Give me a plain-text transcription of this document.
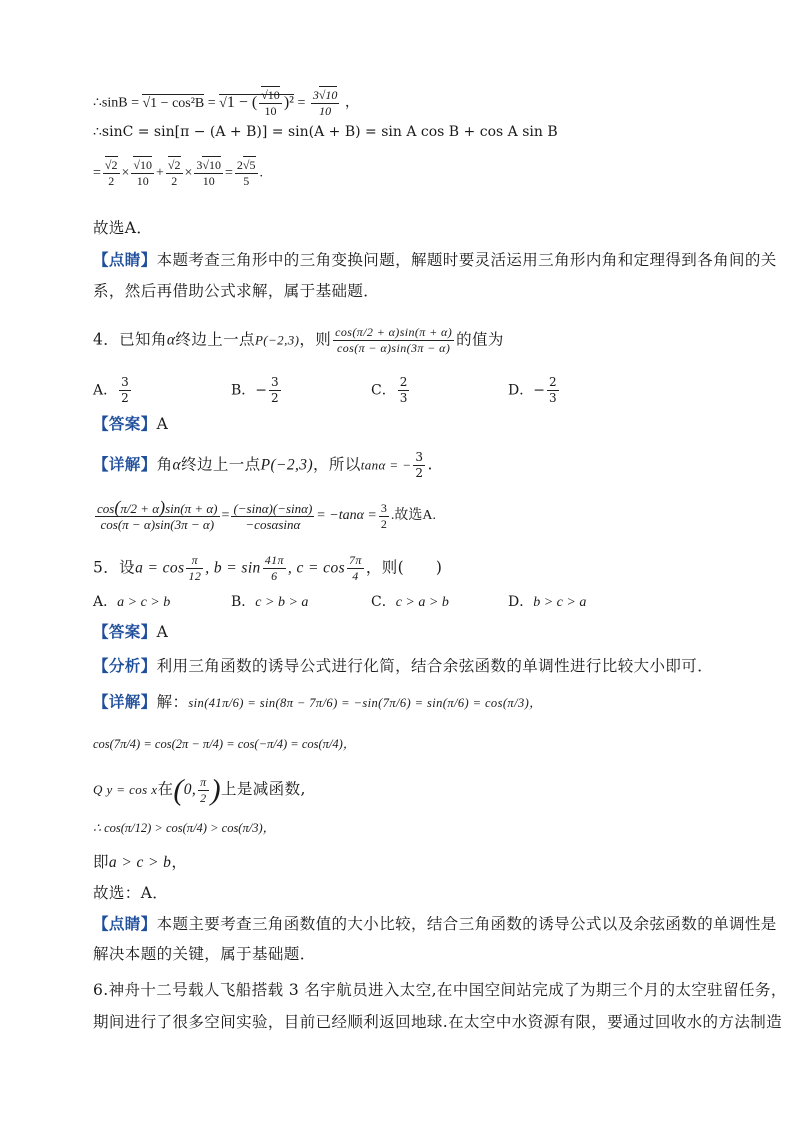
∴sinB = √1 − cos²B = √1 − ( $\frac{√10}{10} )^2 = \frac{3√10}{10}$ ，
∴sinC = sin[π − (A + B)] = sin(A + B) = sin A cos B + cos A sin B
= $\frac{√2}{2} \times \frac{√10}{10} + \frac{√2}{2} \times \frac{3√10}{10} = \frac{2√5}{5}$ .
故选A．
【点睛】本题考查三角形中的三角变换问题，解题时要灵活运用三角形内角和定理得到各角间的关
系，然后再借助公式求解，属于基础题．
4．已知角α终边上一点P(−2,3)，则 $\frac{\cos(\pi/2 + \alpha)\sin(\pi + \alpha)}{\cos(\pi - \alpha)\sin(3\pi - \alpha)}$ 的值为
A． $\frac{3}{2}$	B．− $\frac{3}{2}$	C． $\frac{2}{3}$	D．− $\frac{2}{3}$
【答案】A
【详解】角α终边上一点P(−2,3)，所以tanα = − $\frac{3}{2}$ .
$\frac{\cos(\pi/2 + \alpha)\sin(\pi + \alpha)}{\cos(\pi - \alpha)\sin(3\pi - \alpha)} = \frac{(-\sin\alpha)(-\sin\alpha)}{-\cos\alpha\sin\alpha} = -\tan\alpha = \frac{3}{2}$ .故选A.
5．设$a = \cos \frac{\pi}{12}$ , $b = \sin \frac{41\pi}{6}$ , $c = \cos \frac{7\pi}{4}$ ，则(　　)
A．a > c > b	B．c > b > a	C．c > a > b	D．b > c > a
【答案】A
【分析】利用三角函数的诱导公式进行化简，结合余弦函数的单调性进行比较大小即可．
【详解】解：sin(41π/6) = sin(8π − 7π/6) = −sin(7π/6) = sin(π/6) = cos(π/3)，
cos(7π/4) = cos(2π − π/4) = cos(−π/4) = cos(π/4)，
Q y = cos x在(0, $\frac{\pi}{2}$ )上是减函数,
∴ cos(π/12) > cos(π/4) > cos(π/3)，
即a > c > b，
故选：A．
【点睛】本题主要考查三角函数值的大小比较，结合三角函数的诱导公式以及余弦函数的单调性是
解决本题的关键，属于基础题．
6.神舟十二号载人飞船搭载 3 名宇航员进入太空,在中国空间站完成了为期三个月的太空驻留任务，
期间进行了很多空间实验，目前已经顺利返回地球.在太空中水资源有限，要通过回收水的方法制造
